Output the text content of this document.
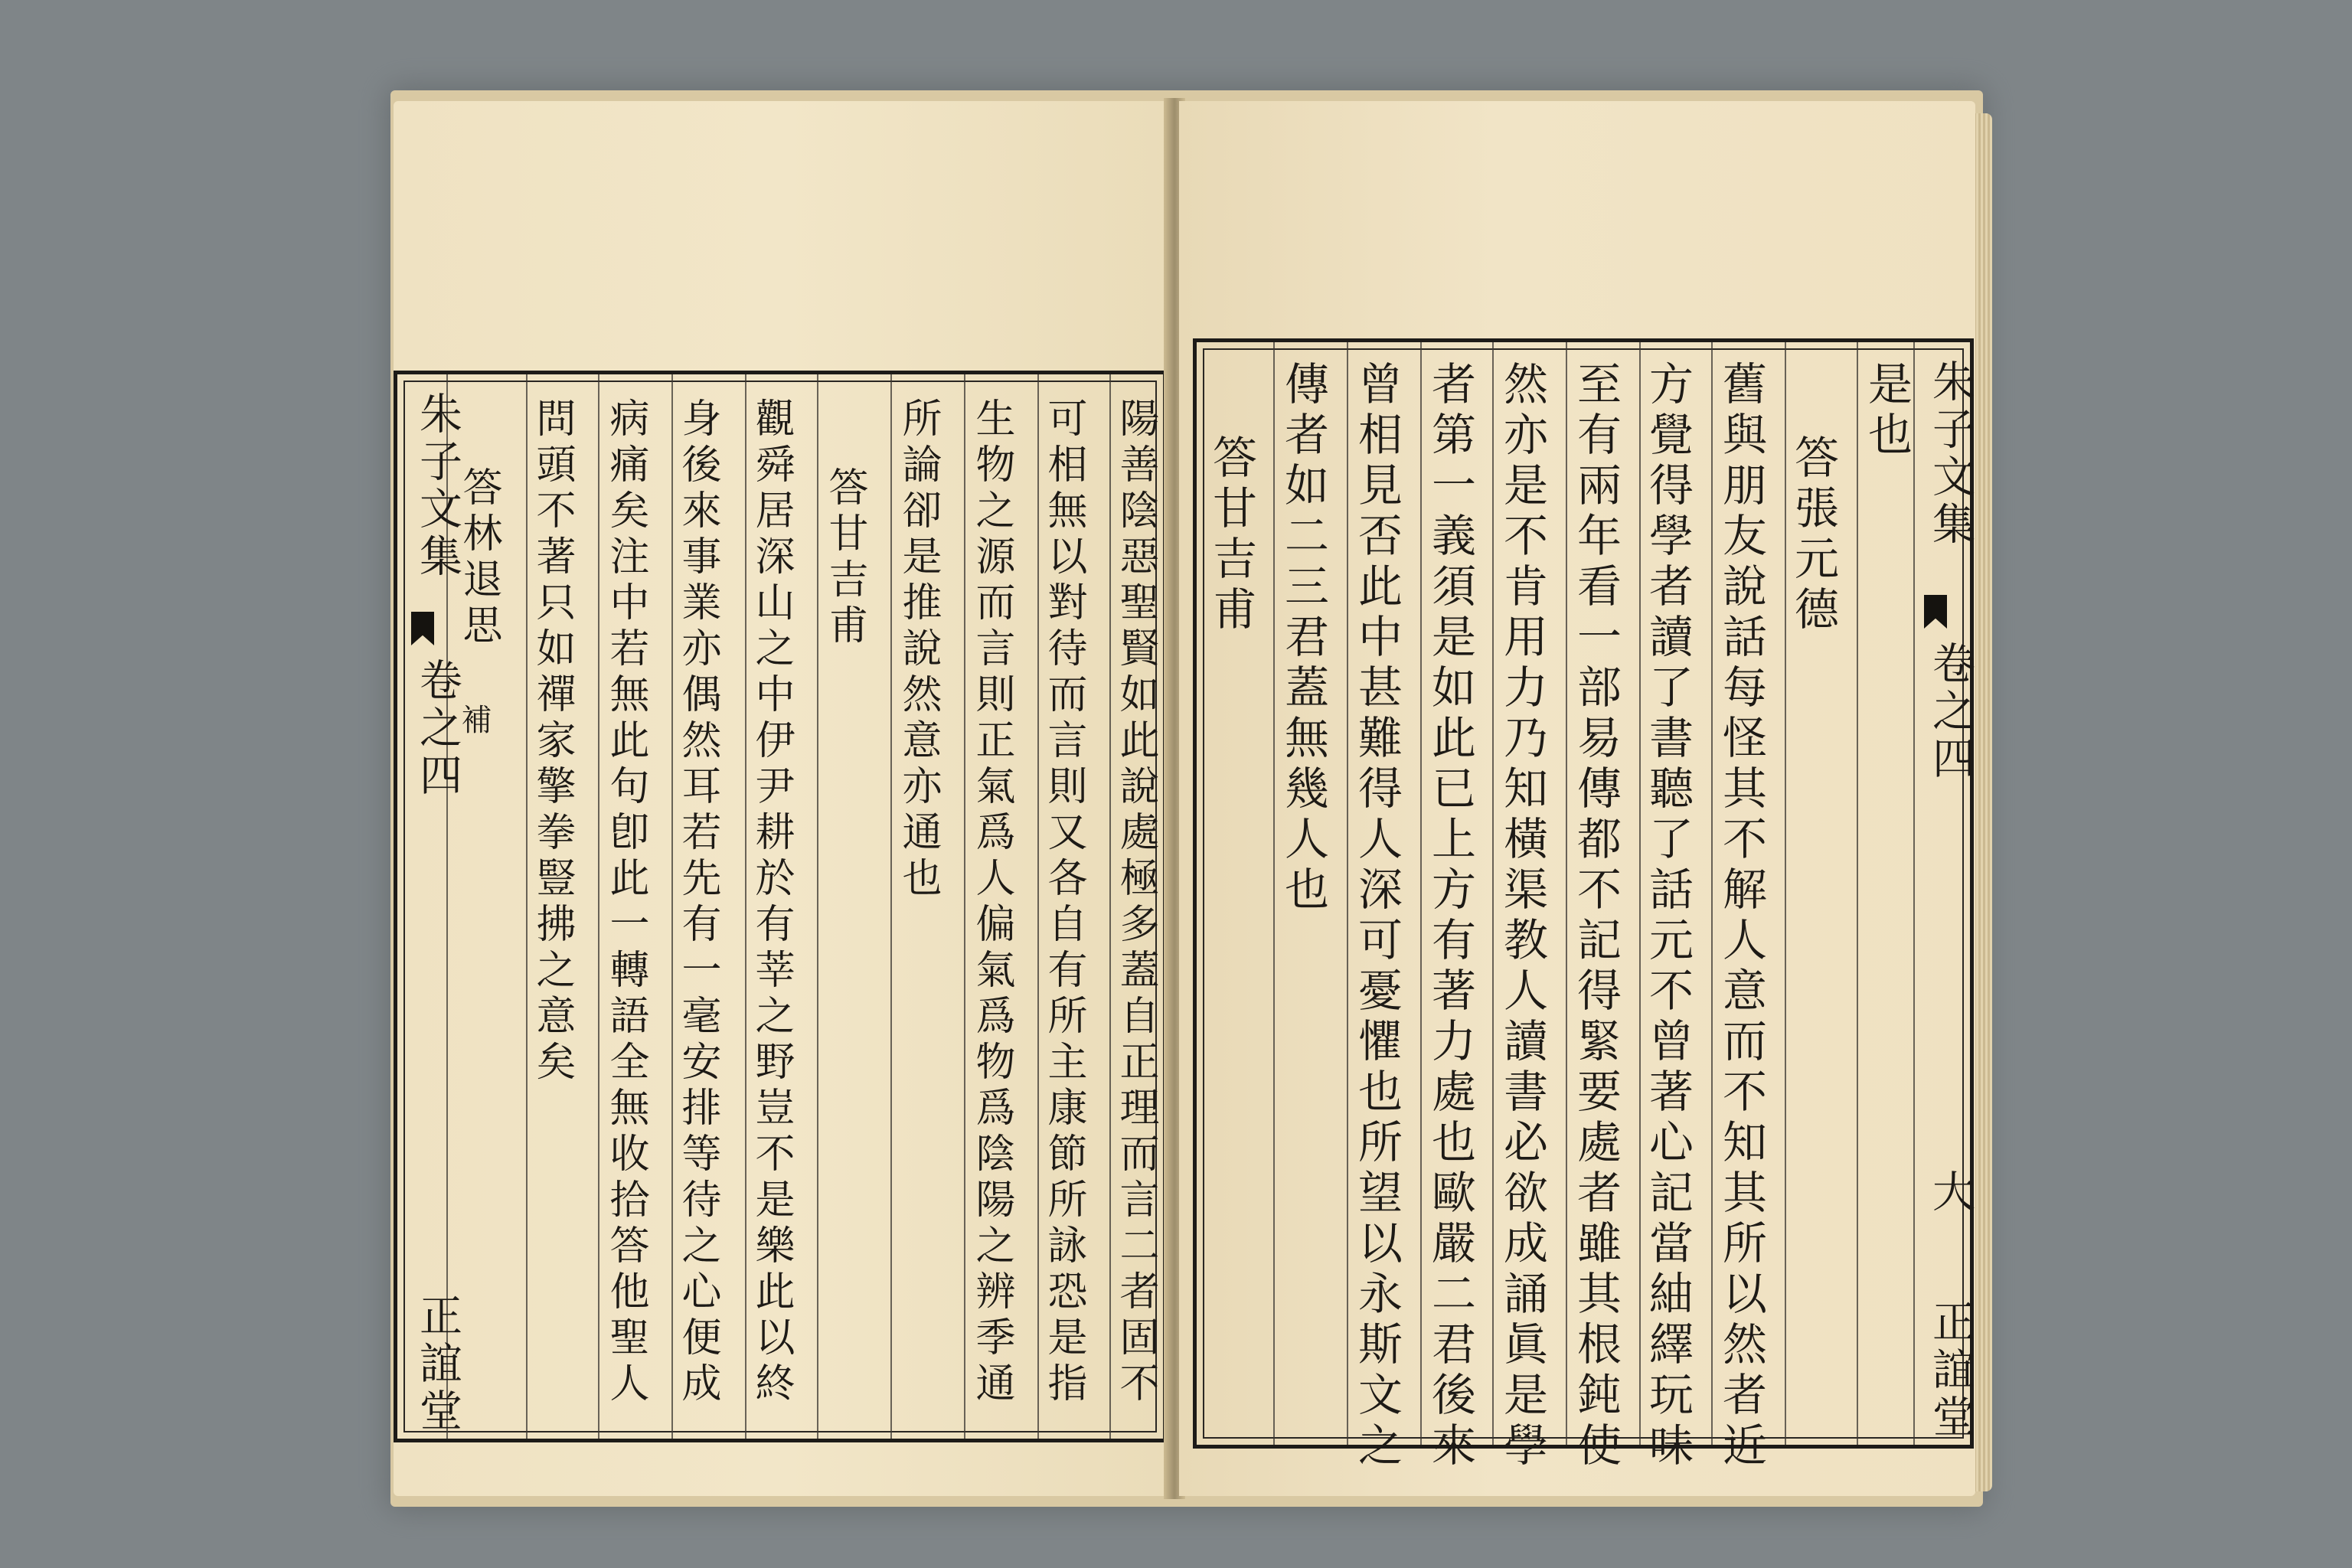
朱子文集
卷之四
正誼堂	陽善陰惡聖賢如此說處極多蓋自正理而言二者固不
可相無以對待而言則又各自有所主康節所詠恐是指
生物之源而言則正氣爲人偏氣爲物爲陰陽之辨季通
所論卻是推說然意亦通也
答甘吉甫
觀舜居深山之中伊尹耕於有莘之野豈不是樂此以終
身後來事業亦偶然耳若先有一毫安排等待之心便成
病痛矣注中若無此句卽此一轉語全無收拾答他聖人
問頭不著只如禪家擎拳豎拂之意矣
答林退思
補
朱子文集
卷之四
大
正誼堂
是也
答張元德
舊與朋友說話每怪其不解人意而不知其所以然者近
方覺得學者讀了書聽了話元不曾著心記當紬繹玩味
至有兩年看一部易傳都不記得緊要處者雖其根鈍使
然亦是不肯用力乃知橫渠教人讀書必欲成誦眞是學
者第一義須是如此已上方有著力處也歐嚴二君後來
曾相見否此中甚難得人深可憂懼也所望以永斯文之
傳者如二三君蓋無幾人也
答甘吉甫
